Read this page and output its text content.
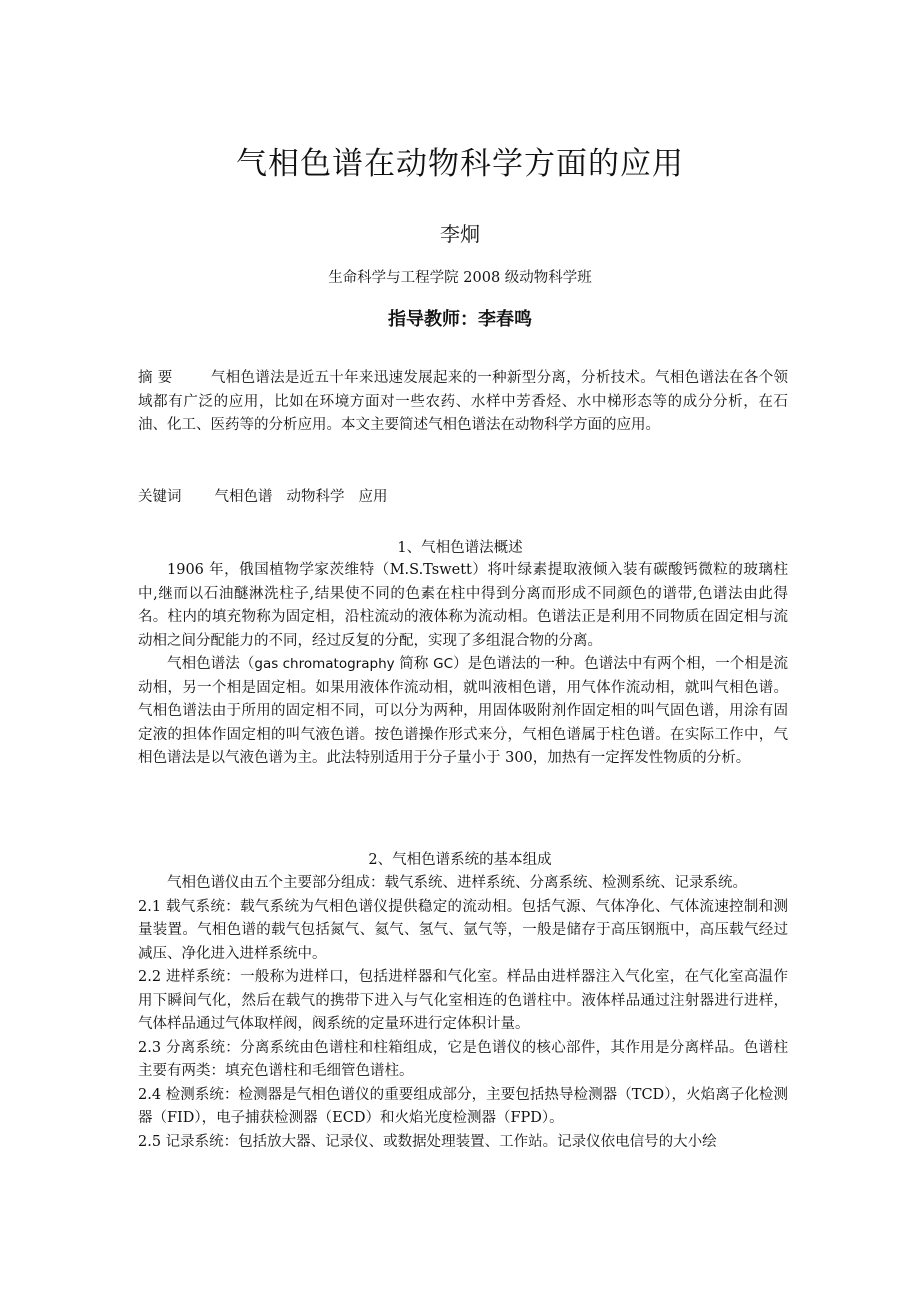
气相色谱在动物科学方面的应用
李炯
生命科学与工程学院 2008 级动物科学班
指导教师：李春鸣
摘 要	气相色谱法是近五十年来迅速发展起来的一种新型分离，分析技术。气相色谱法在各个领域都有广泛的应用，比如在环境方面对一些农药、水样中芳香烃、水中梯形态等的成分分析，在石油、化工、医药等的分析应用。本文主要简述气相色谱法在动物科学方面的应用。
关键词 气相色谱 动物科学 应用
1、气相色谱法概述

1906 年，俄国植物学家茨维特（M.S.Tswett）将叶绿素提取液倾入装有碳酸钙微粒的玻璃柱中,继而以石油醚淋洗柱子,结果使不同的色素在柱中得到分离而形成不同颜色的谱带,色谱法由此得名。柱内的填充物称为固定相，沿柱流动的液体称为流动相。色谱法正是利用不同物质在固定相与流动相之间分配能力的不同，经过反复的分配，实现了多组混合物的分离。

气相色谱法（gas chromatography 简称 GC）是色谱法的一种。色谱法中有两个相，一个相是流动相，另一个相是固定相。如果用液体作流动相，就叫液相色谱，用气体作流动相，就叫气相色谱。气相色谱法由于所用的固定相不同，可以分为两种，用固体吸附剂作固定相的叫气固色谱，用涂有固定液的担体作固定相的叫气液色谱。按色谱操作形式来分，气相色谱属于柱色谱。在实际工作中，气相色谱法是以气液色谱为主。此法特别适用于分子量小于 300，加热有一定挥发性物质的分析。

2、气相色谱系统的基本组成

气相色谱仪由五个主要部分组成：载气系统、进样系统、分离系统、检测系统、记录系统。

2.1 载气系统：载气系统为气相色谱仪提供稳定的流动相。包括气源、气体净化、气体流速控制和测量装置。气相色谱的载气包括氮气、氦气、氢气、氩气等，一般是储存于高压钢瓶中，高压载气经过减压、净化进入进样系统中。

2.2 进样系统：一般称为进样口，包括进样器和气化室。样品由进样器注入气化室，在气化室高温作用下瞬间气化，然后在载气的携带下进入与气化室相连的色谱柱中。液体样品通过注射器进行进样，气体样品通过气体取样阀，阀系统的定量环进行定体积计量。

2.3 分离系统：分离系统由色谱柱和柱箱组成，它是色谱仪的核心部件，其作用是分离样品。色谱柱主要有两类：填充色谱柱和毛细管色谱柱。

2.4 检测系统：检测器是气相色谱仪的重要组成部分，主要包括热导检测器（TCD），火焰离子化检测器（FID），电子捕获检测器（ECD）和火焰光度检测器（FPD）。

2.5 记录系统：包括放大器、记录仪、或数据处理装置、工作站。记录仪依电信号的大小绘
